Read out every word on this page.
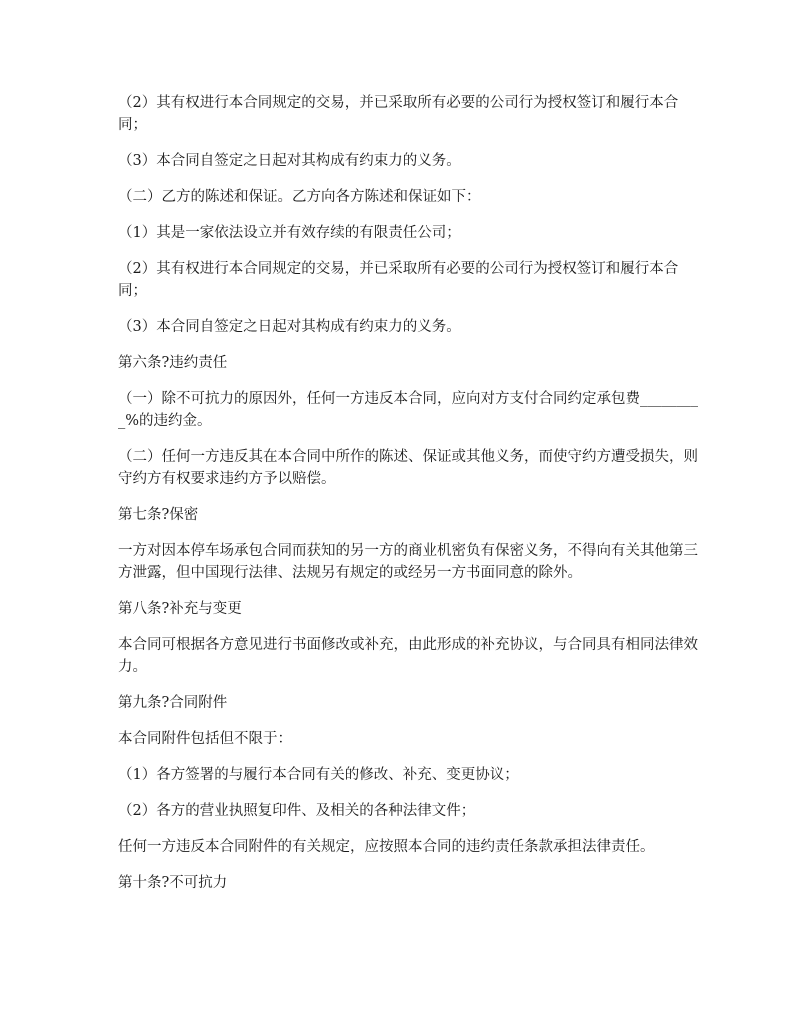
（2）其有权进行本合同规定的交易，并已采取所有必要的公司行为授权签订和履行本合同；

（3）本合同自签定之日起对其构成有约束力的义务。

（二）乙方的陈述和保证。乙方向各方陈述和保证如下：

（1）其是一家依法设立并有效存续的有限责任公司；

（2）其有权进行本合同规定的交易，并已采取所有必要的公司行为授权签订和履行本合同；

（3）本合同自签定之日起对其构成有约束力的义务。

第六条?违约责任

（一）除不可抗力的原因外，任何一方违反本合同，应向对方支付合同约定承包费_________%的违约金。

（二）任何一方违反其在本合同中所作的陈述、保证或其他义务，而使守约方遭受损失，则守约方有权要求违约方予以赔偿。

第七条?保密

一方对因本停车场承包合同而获知的另一方的商业机密负有保密义务，不得向有关其他第三方泄露，但中国现行法律、法规另有规定的或经另一方书面同意的除外。

第八条?补充与变更

本合同可根据各方意见进行书面修改或补充，由此形成的补充协议，与合同具有相同法律效力。

第九条?合同附件

本合同附件包括但不限于：

（1）各方签署的与履行本合同有关的修改、补充、变更协议；

（2）各方的营业执照复印件、及相关的各种法律文件；

任何一方违反本合同附件的有关规定，应按照本合同的违约责任条款承担法律责任。

第十条?不可抗力
